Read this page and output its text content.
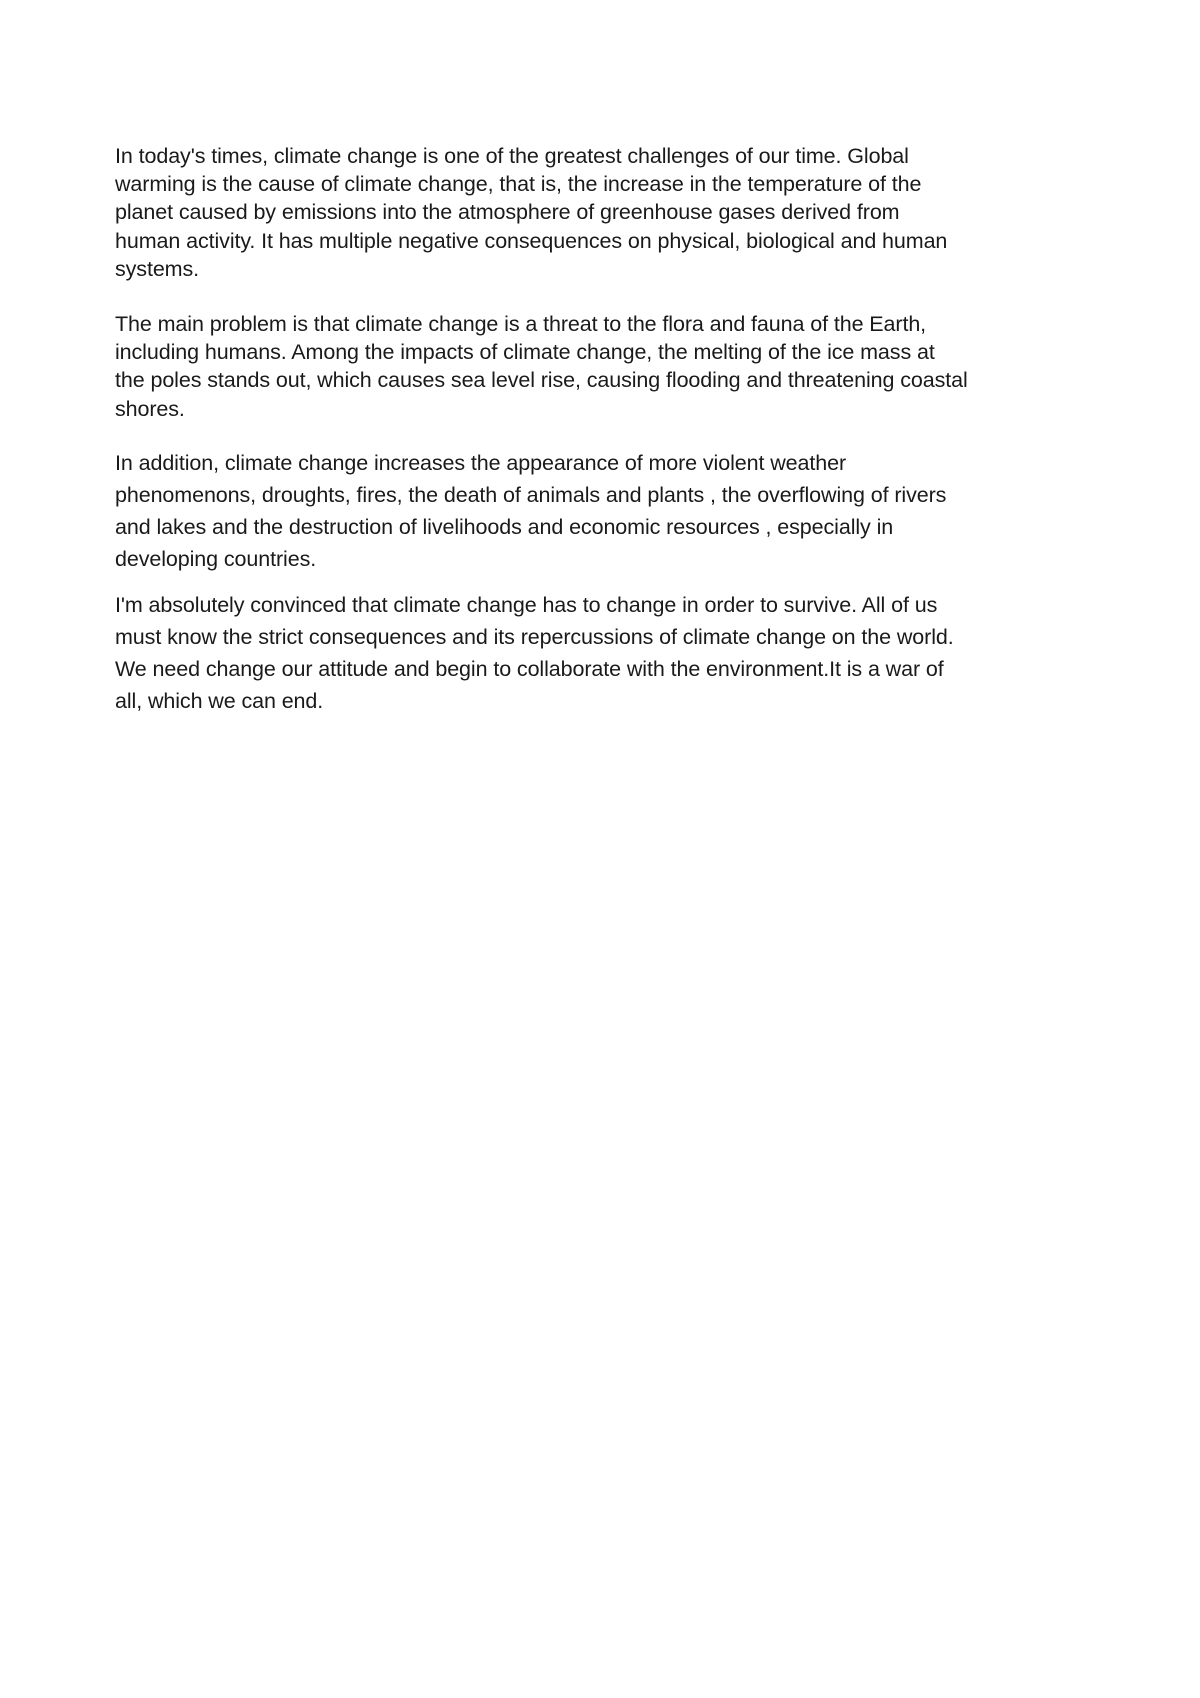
In today's times, climate change is one of the greatest challenges of our time. Global
warming is the cause of climate change, that is, the increase in the temperature of the
planet caused by emissions into the atmosphere of greenhouse gases derived from
human activity. It has multiple negative consequences on physical, biological and human
systems.

The main problem is that climate change is a threat to the flora and fauna of the Earth,
including humans. Among the impacts of climate change, the melting of the ice mass at
the poles stands out, which causes sea level rise, causing flooding and threatening coastal
shores.

In addition, climate change increases the appearance of more violent weather
phenomenons, droughts, fires, the death of animals and plants , the overflowing of rivers
and lakes and the destruction of livelihoods and economic resources , especially in
developing countries.

I'm absolutely convinced that climate change has to change in order to survive. All of us
must know the strict consequences and its repercussions of climate change on the world.
We need change our attitude and begin to collaborate with the environment.It is a war of
all, which we can end.
